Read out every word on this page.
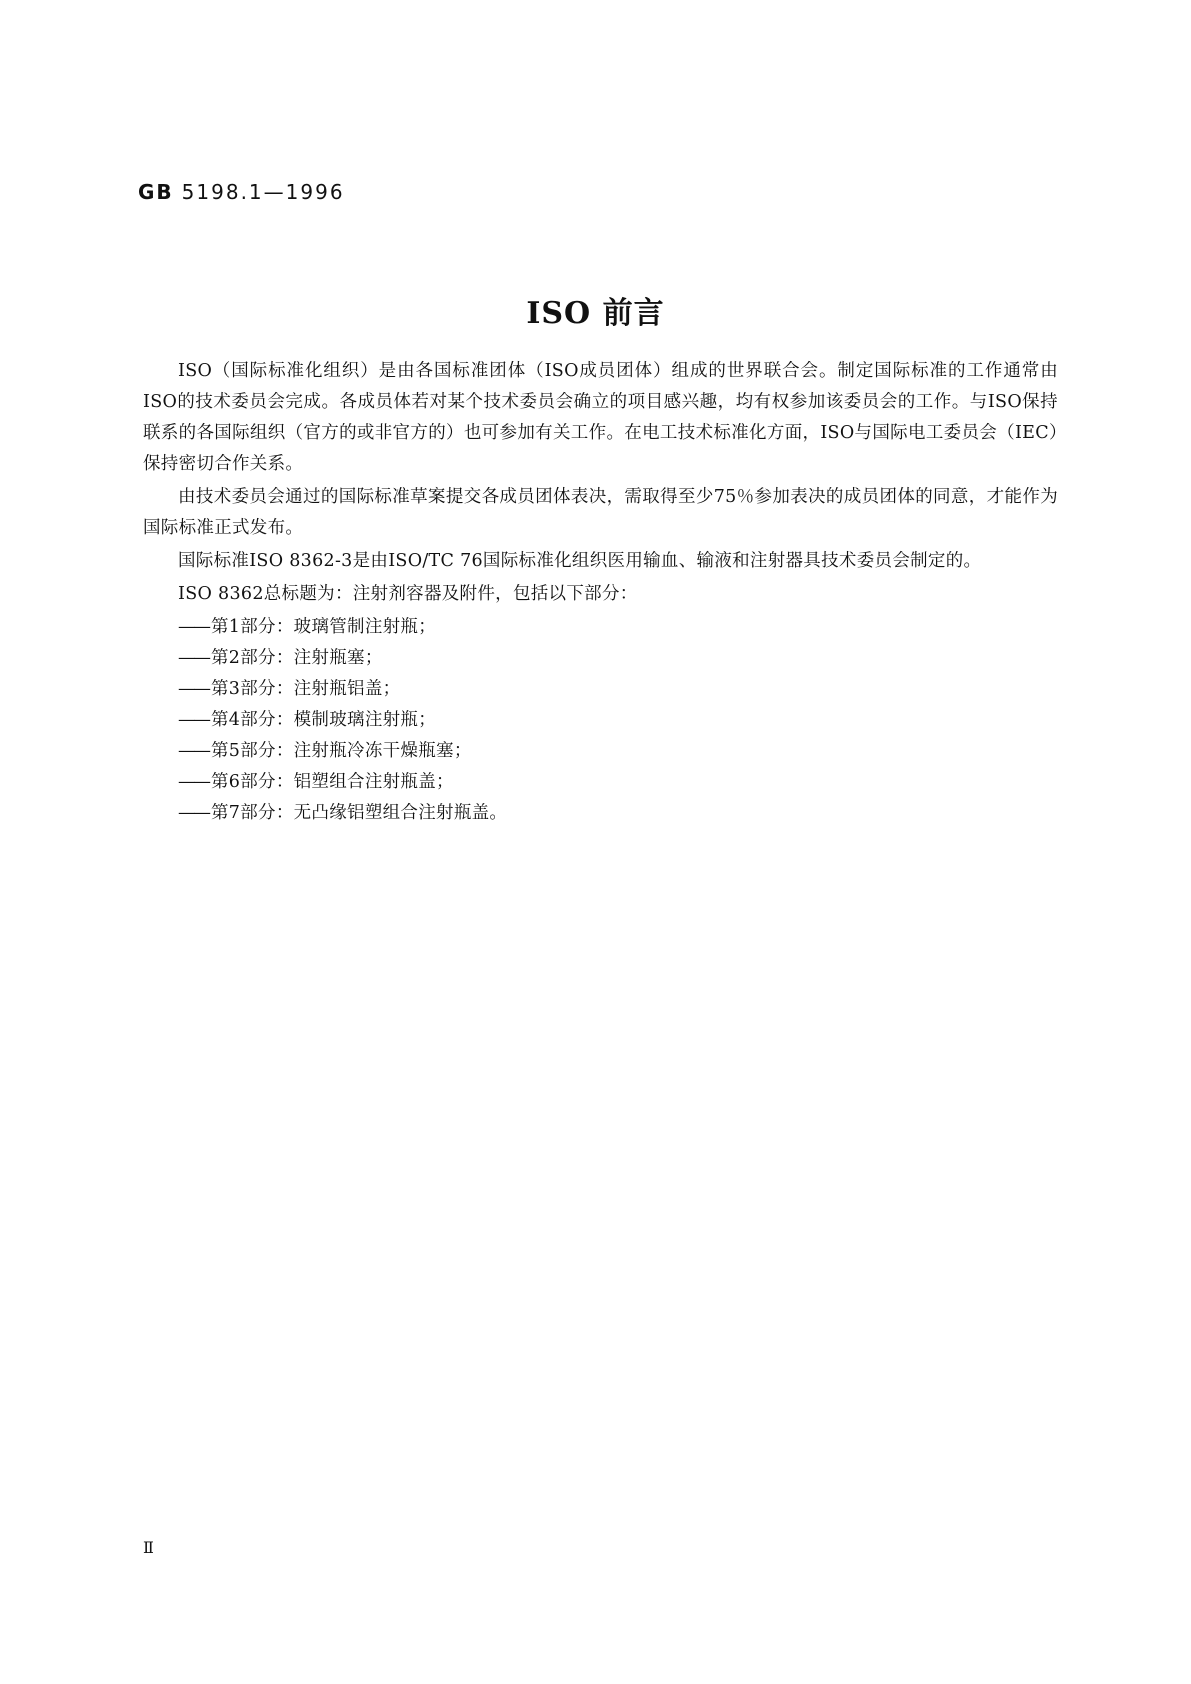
GB 5198.1—1996
ISO 前言

ISO（国际标准化组织）是由各国标准团体（ISO成员团体）组成的世界联合会。制定国际标准的工作通常由ISO的技术委员会完成。各成员体若对某个技术委员会确立的项目感兴趣，均有权参加该委员会的工作。与ISO保持联系的各国际组织（官方的或非官方的）也可参加有关工作。在电工技术标准化方面，ISO与国际电工委员会（IEC）保持密切合作关系。

由技术委员会通过的国际标准草案提交各成员团体表决，需取得至少75％参加表决的成员团体的同意，才能作为国际标准正式发布。

国际标准ISO 8362-3是由ISO/TC 76国际标准化组织医用输血、输液和注射器具技术委员会制定的。

ISO 8362总标题为：注射剂容器及附件，包括以下部分：

—— 第1部分：玻璃管制注射瓶；
—— 第2部分：注射瓶塞；
—— 第3部分：注射瓶铝盖；
—— 第4部分：模制玻璃注射瓶；
—— 第5部分：注射瓶冷冻干燥瓶塞；
—— 第6部分：铝塑组合注射瓶盖；
—— 第7部分：无凸缘铝塑组合注射瓶盖。
Ⅱ
